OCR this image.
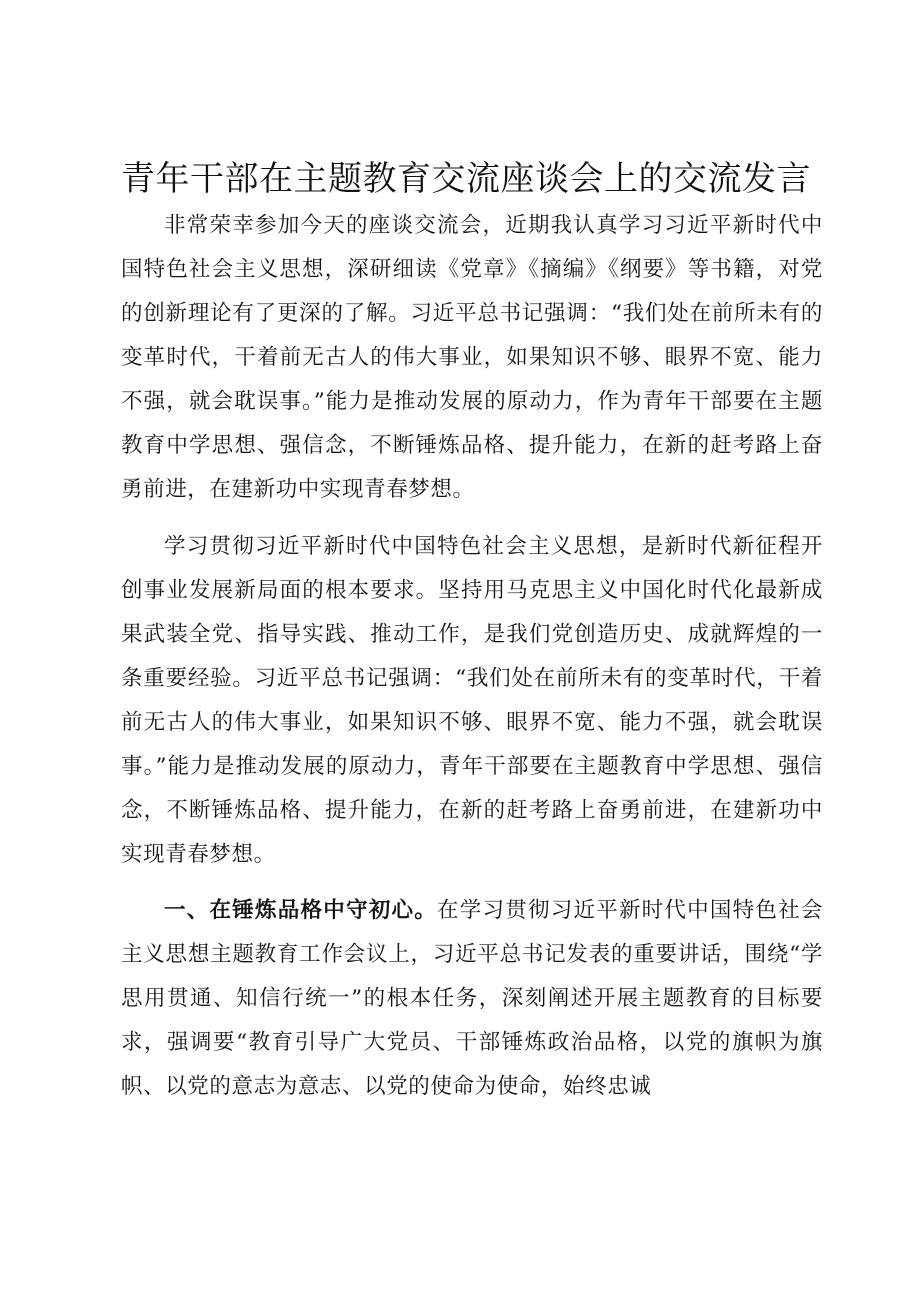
青年干部在主题教育交流座谈会上的交流发言

非常荣幸参加今天的座谈交流会，近期我认真学习习近平新时代中国特色社会主义思想，深研细读《党章》《摘编》《纲要》等书籍，对党的创新理论有了更深的了解。习近平总书记强调：“我们处在前所未有的变革时代，干着前无古人的伟大事业，如果知识不够、眼界不宽、能力不强，就会耽误事。”能力是推动发展的原动力，作为青年干部要在主题教育中学思想、强信念，不断锤炼品格、提升能力，在新的赶考路上奋勇前进，在建新功中实现青春梦想。

学习贯彻习近平新时代中国特色社会主义思想，是新时代新征程开创事业发展新局面的根本要求。坚持用马克思主义中国化时代化最新成果武装全党、指导实践、推动工作，是我们党创造历史、成就辉煌的一条重要经验。习近平总书记强调：“我们处在前所未有的变革时代，干着前无古人的伟大事业，如果知识不够、眼界不宽、能力不强，就会耽误事。”能力是推动发展的原动力，青年干部要在主题教育中学思想、强信念，不断锤炼品格、提升能力，在新的赶考路上奋勇前进，在建新功中实现青春梦想。

一、在锤炼品格中守初心。在学习贯彻习近平新时代中国特色社会主义思想主题教育工作会议上，习近平总书记发表的重要讲话，围绕“学思用贯通、知信行统一”的根本任务，深刻阐述开展主题教育的目标要求，强调要“教育引导广大党员、干部锤炼政治品格，以党的旗帜为旗帜、以党的意志为意志、以党的使命为使命，始终忠诚
